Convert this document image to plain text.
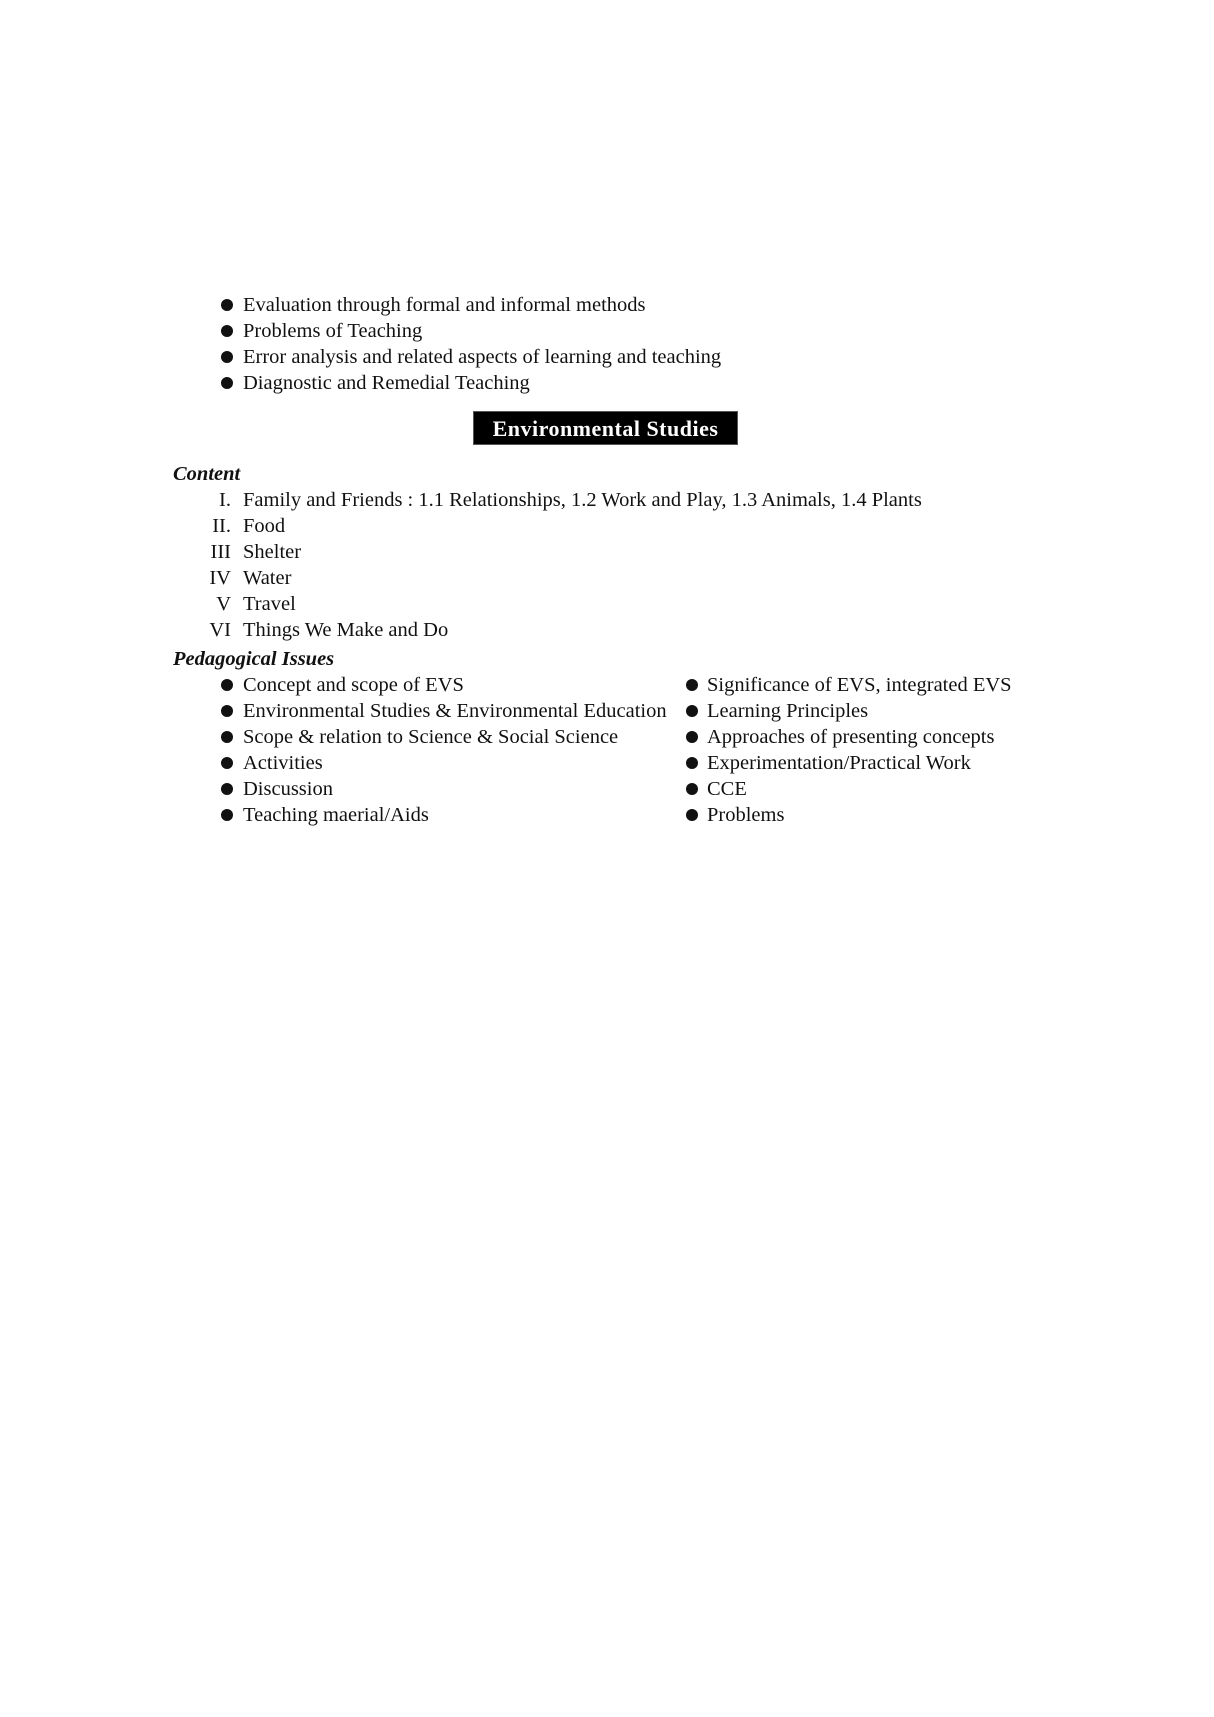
Evaluation through formal and informal methods
Problems of Teaching
Error analysis and related aspects of learning and teaching
Diagnostic and Remedial Teaching
Environmental Studies
Content
I. Family and Friends : 1.1 Relationships, 1.2 Work and Play, 1.3 Animals, 1.4 Plants
II. Food
III Shelter
IV Water
V Travel
VI Things We Make and Do
Pedagogical Issues
Concept and scope of EVS
Environmental Studies & Environmental Education
Scope & relation to Science & Social Science
Activities
Discussion
Teaching maerial/Aids
Significance of EVS, integrated EVS
Learning Principles
Approaches of presenting concepts
Experimentation/Practical Work
CCE
Problems
